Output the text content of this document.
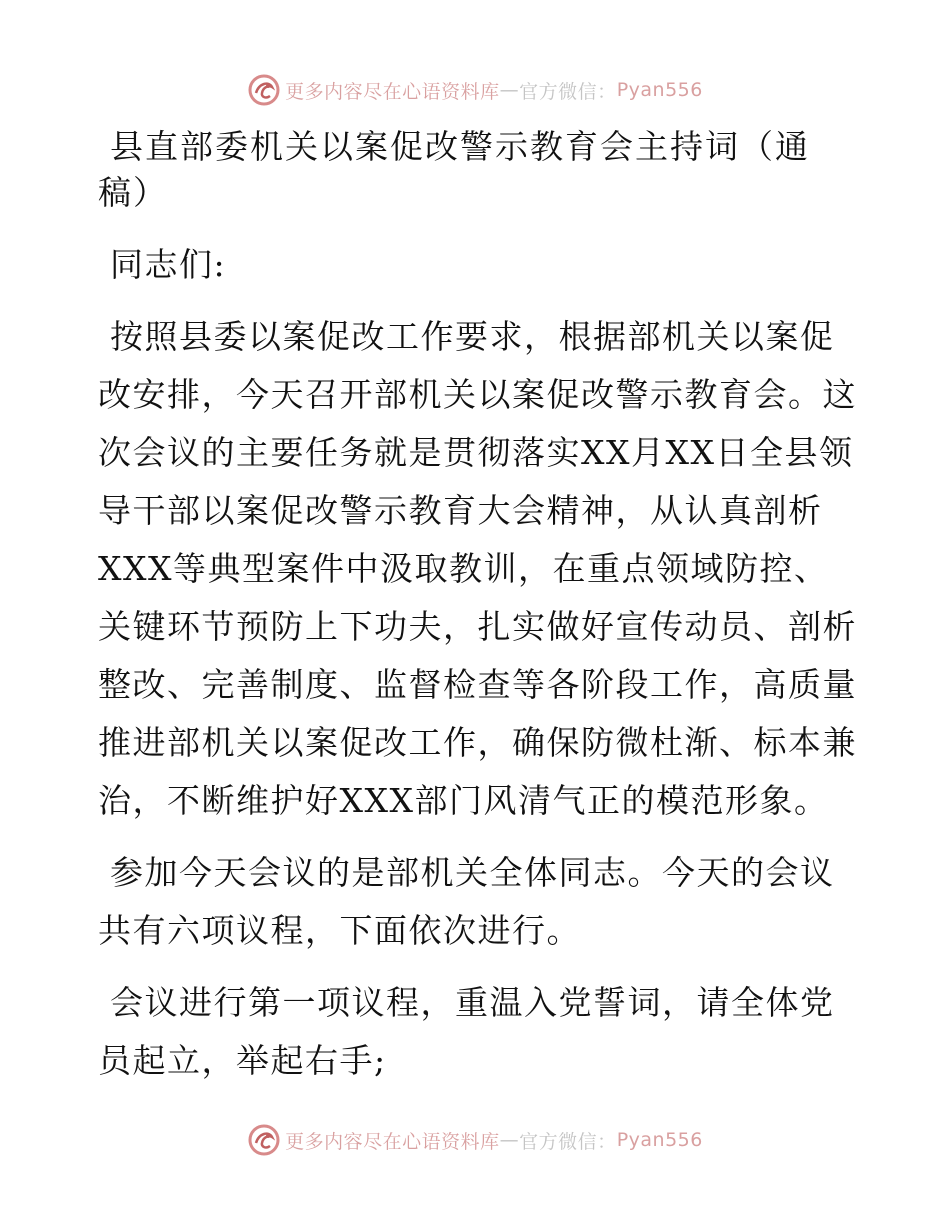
更多内容尽在心语资料库 — 官方微信： Pyan556
县直部委机关以案促改警示教育会主持词（通稿）

同志们:

按照县委以案促改工作要求，根据部机关以案促改安排，今天召开部机关以案促改警示教育会。这次会议的主要任务就是贯彻落实XX月XX日全县领导干部以案促改警示教育大会精神，从认真剖析XXX等典型案件中汲取教训，在重点领域防控、关键环节预防上下功夫，扎实做好宣传动员、剖析整改、完善制度、监督检查等各阶段工作，高质量推进部机关以案促改工作，确保防微杜渐、标本兼治，不断维护好XXX部门风清气正的模范形象。

参加今天会议的是部机关全体同志。今天的会议共有六项议程，下面依次进行。

会议进行第一项议程，重温入党誓词，请全体党员起立，举起右手;

更多内容尽在心语资料库 — 官方微信： Pyan556
